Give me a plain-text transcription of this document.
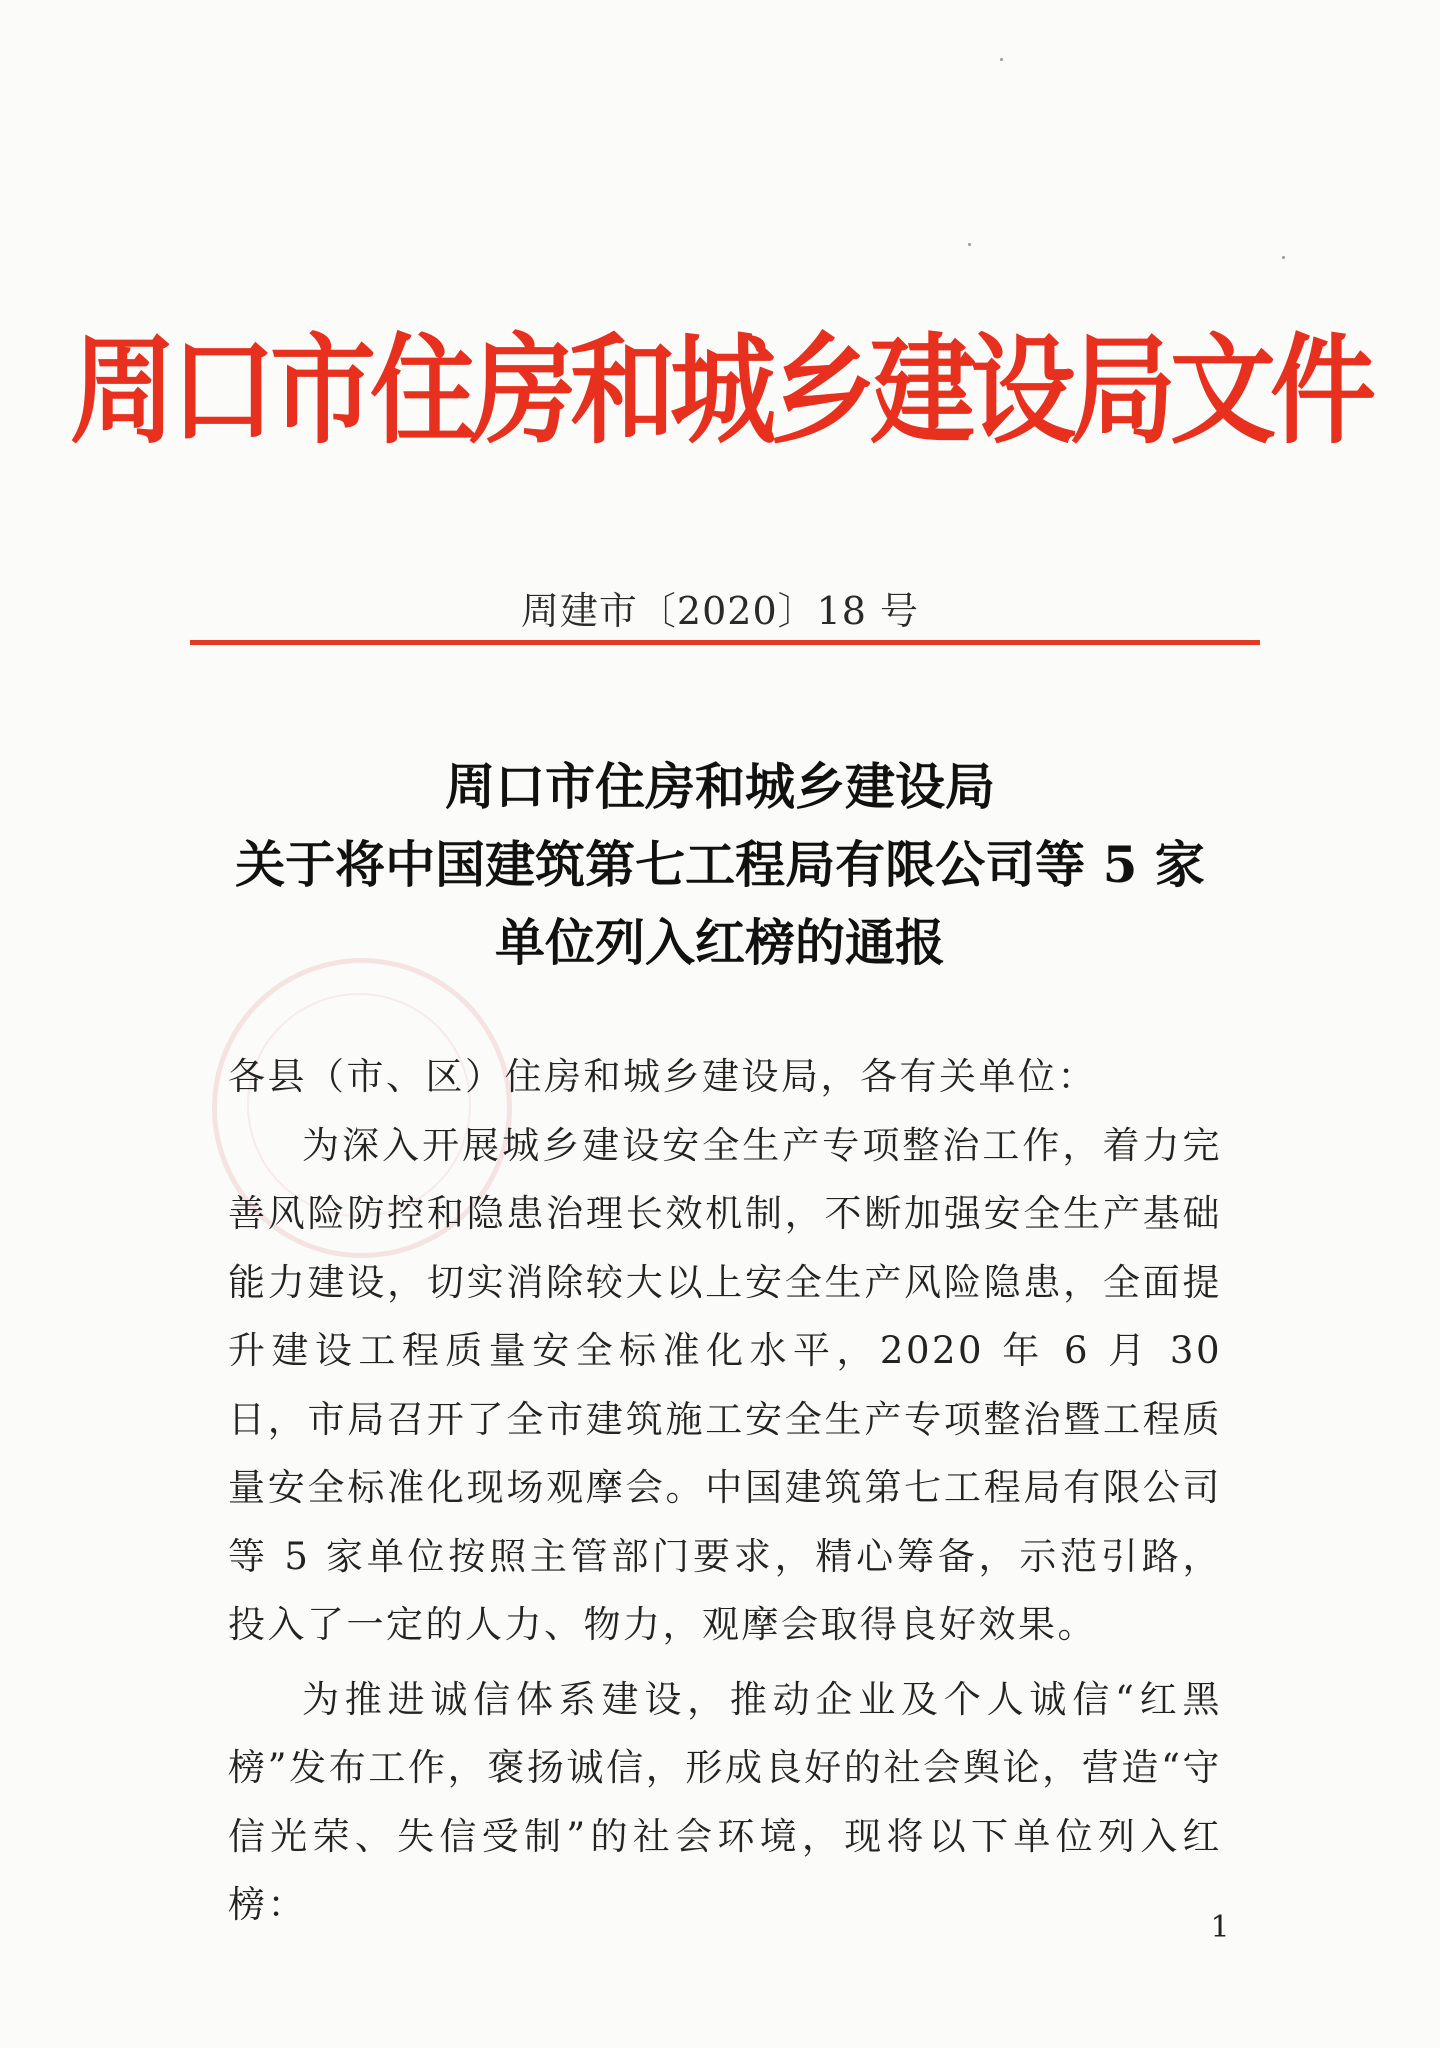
周口市住房和城乡建设局文件
周建市〔2020〕18 号
周口市住房和城乡建设局
关于将中国建筑第七工程局有限公司等 5 家
单位列入红榜的通报

各县（市、区）住房和城乡建设局，各有关单位：

为深入开展城乡建设安全生产专项整治工作，着力完善风险防控和隐患治理长效机制，不断加强安全生产基础能力建设，切实消除较大以上安全生产风险隐患，全面提升建设工程质量安全标准化水平，2020 年 6 月 30 日，市局召开了全市建筑施工安全生产专项整治暨工程质量安全标准化现场观摩会。中国建筑第七工程局有限公司等 5 家单位按照主管部门要求，精心筹备，示范引路，投入了一定的人力、物力，观摩会取得良好效果。

为推进诚信体系建设，推动企业及个人诚信“红黑榜”发布工作，褒扬诚信，形成良好的社会舆论，营造“守信光荣、失信受制”的社会环境，现将以下单位列入红榜：

1
